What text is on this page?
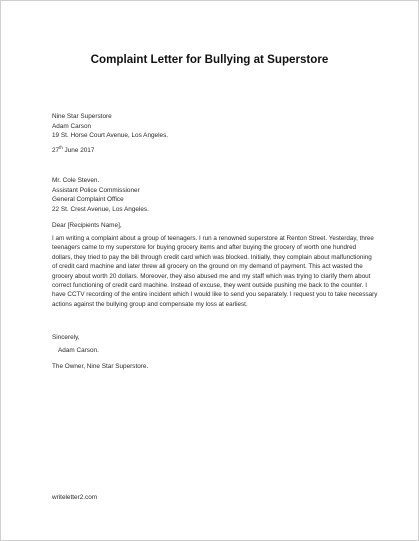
Complaint Letter for Bullying at Superstore
Nine Star Superstore
Adam Carson
19 St. Horse Court Avenue, Los Angeles.
27th June 2017
Mr. Cole Steven.
Assistant Police Commissioner
General Complaint Office
22 St. Crest Avenue, Los Angeles.
Dear [Recipients Name],
I am writing a complaint about a group of teenagers. I run a renowned superstore at Renton Street. Yesterday, three teenagers came to my superstore for buying grocery items and after buying the grocery of worth one hundred dollars, they tried to pay the bill through credit card which was blocked. Initially, they complain about malfunctioning of credit card machine and later threw all grocery on the ground on my demand of payment. This act wasted the grocery about worth 20 dollars. Moreover, they also abused me and my staff which was trying to clarify them about correct functioning of credit card machine. Instead of excuse, they went outside pushing me back to the counter. I have CCTV recording of the entire incident which I would like to send you separately. I request you to take necessary actions against the bullying group and compensate my loss at earliest.
Sincerely,
Adam Carson.
The Owner, Nine Star Superstore.
writeletter2.com
